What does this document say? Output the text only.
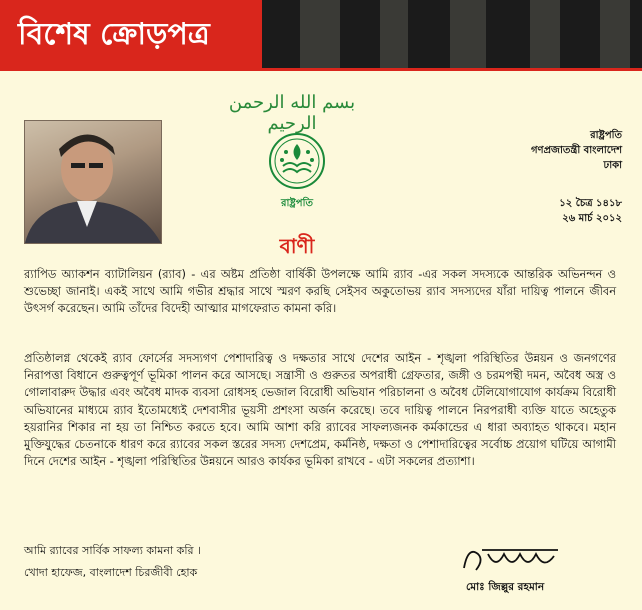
বিশেষ ক্রোড়পত্র
بسم الله الرحمن الرحيم
রাষ্ট্রপতি
রাষ্ট্রপতি
গণপ্রজাতন্ত্রী বাংলাদেশ
ঢাকা
১২ চৈত্র ১৪১৮
২৬ মার্চ ২০১২
বাণী

র‌্যাপিড অ্যাকশন ব্যাটালিয়ন (র‌্যাব) - এর অষ্টম প্রতিষ্ঠা বার্ষিকী উপলক্ষে আমি র‌্যাব -এর সকল সদস্যকে আন্তরিক অভিনন্দন ও শুভেচ্ছা জানাই। একই সাথে আমি গভীর শ্রদ্ধার সাথে স্মরণ করছি সেইসব অকুতোভয় র‌্যাব সদস্যদের যাঁরা দায়িত্ব পালনে জীবন উৎসর্গ করেছেন। আমি তাঁদের বিদেহী আত্মার মাগফেরাত কামনা করি।

প্রতিষ্ঠালগ্ন থেকেই র‌্যাব ফোর্সের সদস্যগণ পেশাদারিত্ব ও দক্ষতার সাথে দেশের আইন - শৃঙ্খলা পরিস্থিতির উন্নয়ন ও জনগণের নিরাপত্তা বিধানে গুরুত্বপূর্ণ ভূমিকা পালন করে আসছে। সন্ত্রাসী ও গুরুতর অপরাধী গ্রেফতার, জঙ্গী ও চরমপন্থী দমন, অবৈধ অস্ত্র ও গোলাবারুদ উদ্ধার এবং অবৈধ মাদক ব্যবসা রোধসহ ভেজাল বিরোধী অভিযান পরিচালনা ও অবৈধ টেলিযোগাযোগ কার্যক্রম বিরোধী অভিযানের মাধ্যমে র‌্যাব ইতোমধ্যেই দেশবাসীর ভূয়সী প্রশংসা অর্জন করেছে। তবে দায়িত্ব পালনে নিরপরাধী ব্যক্তি যাতে অহেতুক হয়রানির শিকার না হয় তা নিশ্চিত করতে হবে। আমি আশা করি র‌্যাবের সাফল্যজনক কর্মকান্ডের এ ধারা অব্যাহত থাকবে। মহান মুক্তিযুদ্ধের চেতনাকে ধারণ করে র‌্যাবের সকল স্তরের সদস্য দেশপ্রেম, কর্মনিষ্ঠ, দক্ষতা ও পেশাদারিত্বের সর্বোচ্চ প্রয়োগ ঘটিয়ে আগামী দিনে দেশের আইন - শৃঙ্খলা পরিস্থিতির উন্নয়নে আরও কার্যকর ভূমিকা রাখবে - এটা সকলের প্রত্যাশা।

আমি র‌্যাবের সার্বিক সাফল্য কামনা করি ।
খোদা হাফেজ, বাংলাদেশ চিরজীবী হোক
মোঃ জিল্লুর রহমান
